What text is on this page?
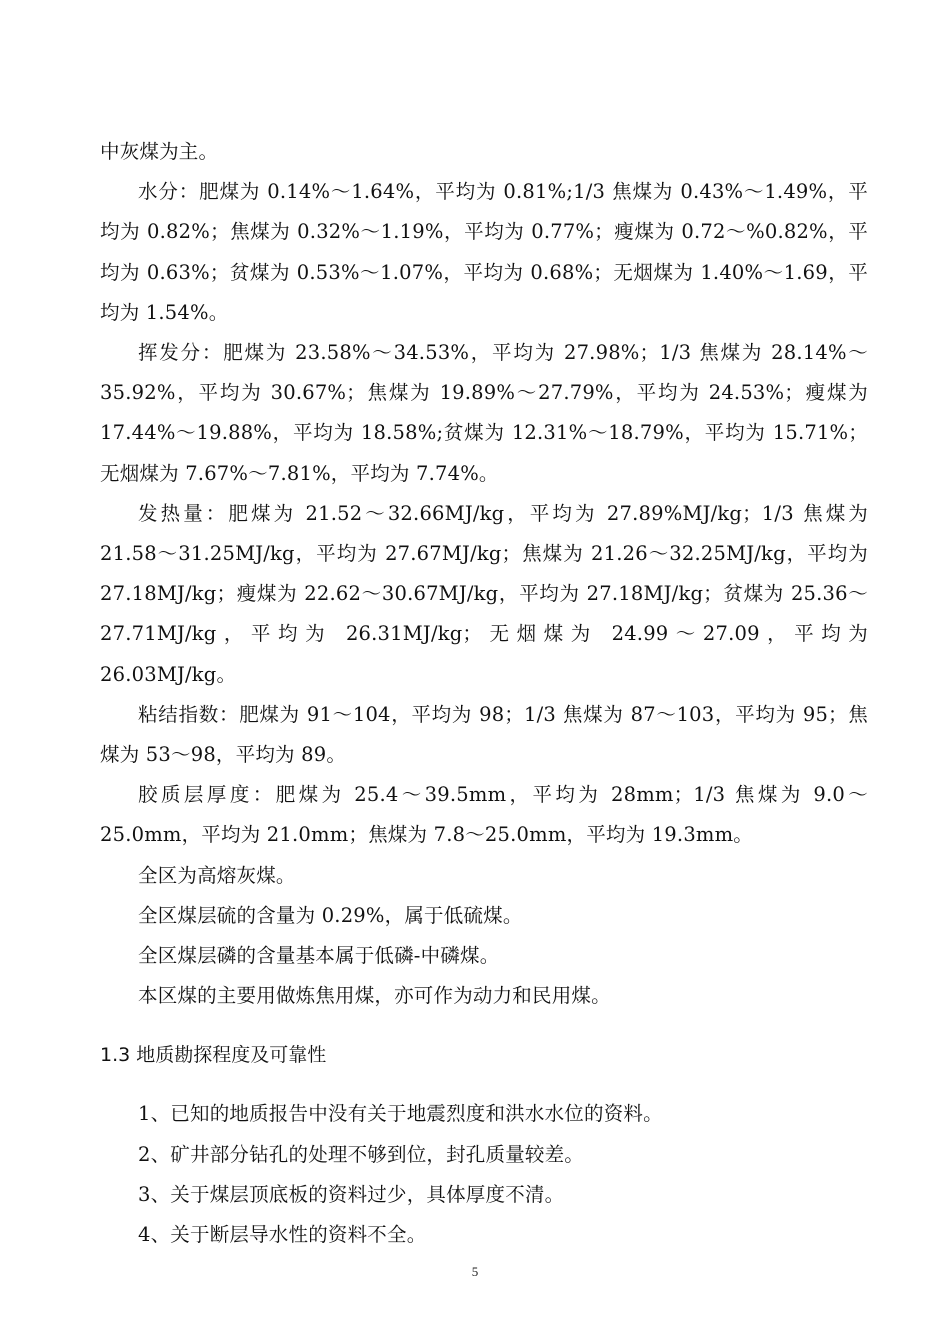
中灰煤为主。

水分：肥煤为 0.14%～1.64%，平均为 0.81%;1/3 焦煤为 0.43%～1.49%，平均为 0.82%；焦煤为 0.32%～1.19%，平均为 0.77%；瘦煤为 0.72～%0.82%，平均为 0.63%；贫煤为 0.53%～1.07%，平均为 0.68%；无烟煤为 1.40%～1.69，平均为 1.54%。

挥发分：肥煤为 23.58%～34.53%，平均为 27.98%；1/3 焦煤为 28.14%～35.92%，平均为 30.67%；焦煤为 19.89%～27.79%，平均为 24.53%；瘦煤为 17.44%～19.88%，平均为 18.58%;贫煤为 12.31%～18.79%，平均为 15.71%；无烟煤为 7.67%～7.81%，平均为 7.74%。

发热量：肥煤为 21.52～32.66MJ/kg，平均为 27.89%MJ/kg；1/3 焦煤为 21.58～31.25MJ/kg，平均为 27.67MJ/kg；焦煤为 21.26～32.25MJ/kg，平均为 27.18MJ/kg；瘦煤为 22.62～30.67MJ/kg，平均为 27.18MJ/kg；贫煤为 25.36～27.71MJ/kg，平均为 26.31MJ/kg；无烟煤为 24.99～27.09，平均为 26.03MJ/kg。

粘结指数：肥煤为 91～104，平均为 98；1/3 焦煤为 87～103，平均为 95；焦煤为 53～98，平均为 89。

胶质层厚度：肥煤为 25.4～39.5mm，平均为 28mm；1/3 焦煤为 9.0～25.0mm，平均为 21.0mm；焦煤为 7.8～25.0mm，平均为 19.3mm。

全区为高熔灰煤。

全区煤层硫的含量为 0.29%，属于低硫煤。

全区煤层磷的含量基本属于低磷-中磷煤。

本区煤的主要用做炼焦用煤，亦可作为动力和民用煤。

1.3 地质勘探程度及可靠性
1、已知的地质报告中没有关于地震烈度和洪水水位的资料。
2、矿井部分钻孔的处理不够到位，封孔质量较差。
3、关于煤层顶底板的资料过少，具体厚度不清。
4、关于断层导水性的资料不全。
5
